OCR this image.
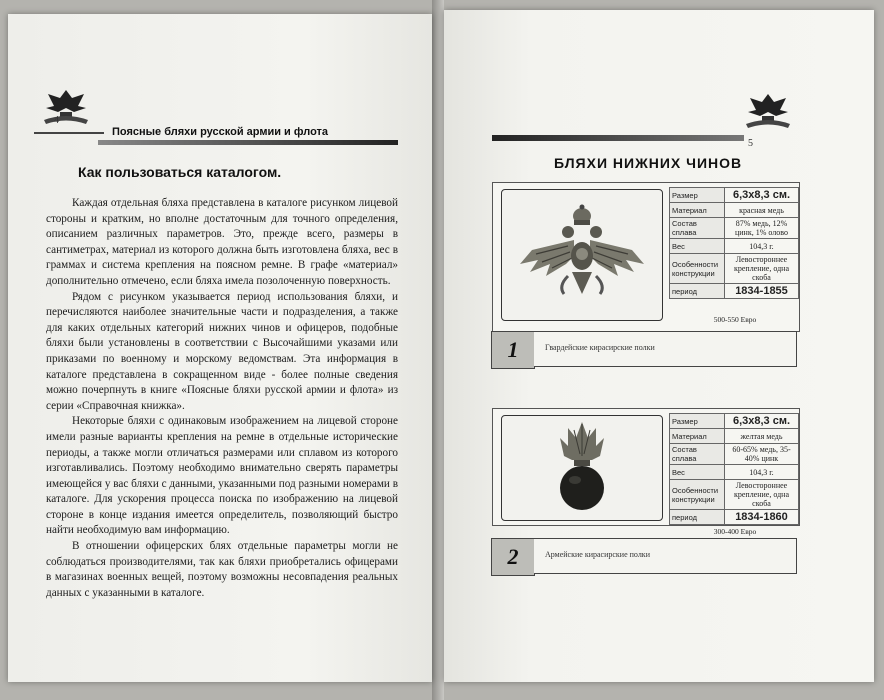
4
Поясные бляхи русской армии и флота
Как пользоваться каталогом.

Каждая отдельная бляха представлена в каталоге рисунком лицевой стороны и кратким, но вполне достаточным для точного определения, описанием различных параметров. Это, прежде всего, размеры в сантиметрах, материал из которого должна быть изготовлена бляха, вес в граммах и система крепления на поясном ремне. В графе «материал» дополнительно отмечено, если бляха имела позолоченную поверхность.

Рядом с рисунком указывается период использования бляхи, и перечисляются наиболее значительные части и подразделения, а также для каких отдельных категорий нижних чинов и офицеров, подобные бляхи были установлены в соответствии с Высочайшими указами или приказами по военному и морскому ведомствам. Эта информация в каталоге представлена в сокращенном виде - более полные сведения можно почерпнуть в книге «Поясные бляхи русской армии и флота» из серии «Справочная книжка».

Некоторые бляхи с одинаковым изображением на лицевой стороне имели разные варианты крепления на ремне в отдельные исторические периоды, а также могли отличаться размерами или сплавом из которого изготавливались. Поэтому необходимо внимательно сверять параметры имеющейся у вас бляхи с данными, указанными под разными номерами в каталоге. Для ускорения процесса поиска по изображению на лицевой стороне в конце издания имеется определитель, позволяющий быстро найти необходимую вам информацию.

В отношении офицерских блях отдельные параметры могли не соблюдаться производителями, так как бляхи приобретались офицерами в магазинах военных вещей, поэтому возможны несовпадения реальных данных с указанными в каталоге.

5
БЛЯХИ НИЖНИХ ЧИНОВ
Размер	6,3х8,3 см.
Материал	красная медь
Состав сплава	87% медь, 12% цинк, 1% олово
Вес	104,3 г.
Особенности конструкции	Левостороннее крепление, одна скоба
период	1834-1855
500-550 Евро
1	Гвардейские кирасирские полки
Размер	6,3х8,3 см.
Материал	желтая медь
Состав сплава	60-65% медь, 35-40% цинк
Вес	104,3 г.
Особенности конструкции	Левостороннее крепление, одна скоба
период	1834-1860
300-400 Евро
2	Армейские кирасирские полки
